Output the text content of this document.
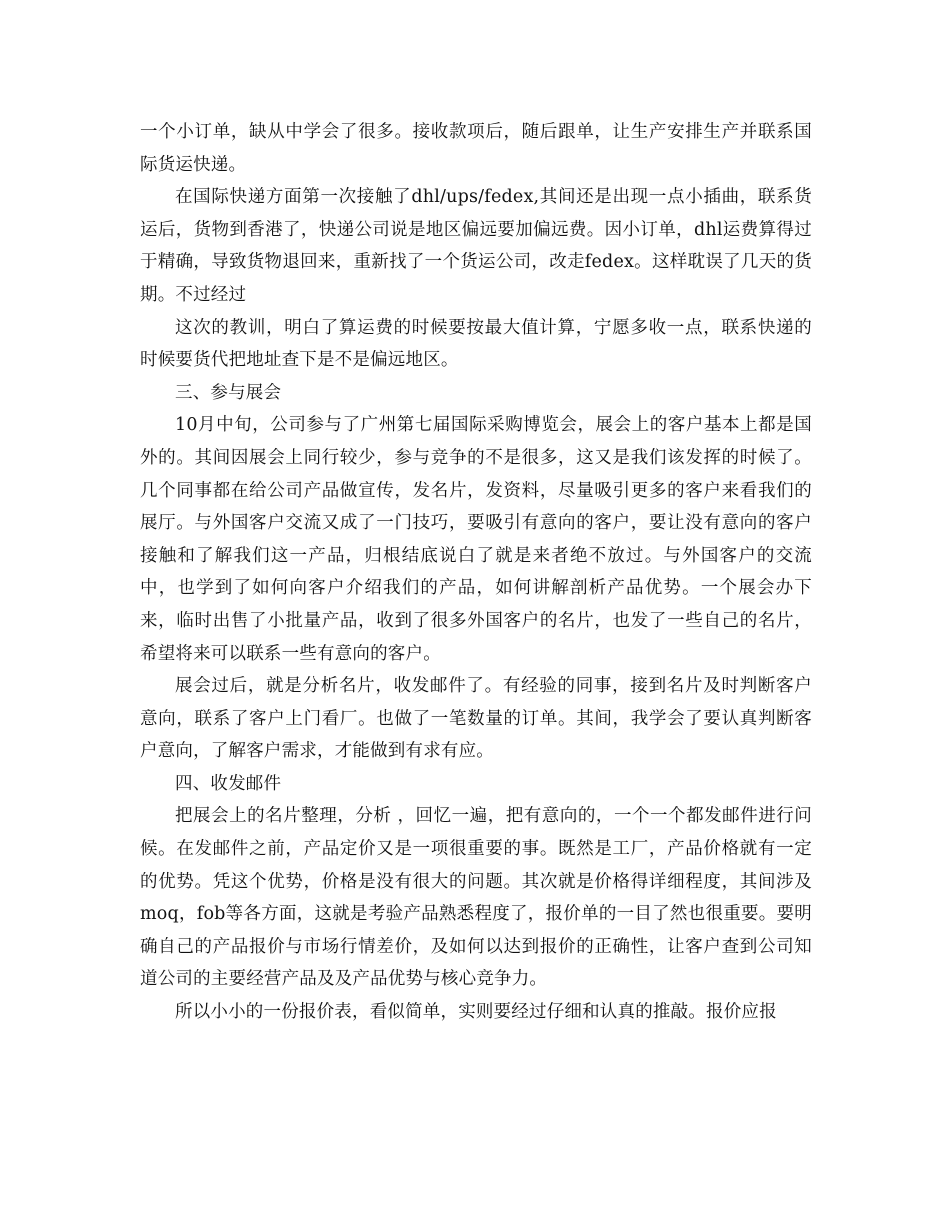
一个小订单，缺从中学会了很多。接收款项后，随后跟单，让生产安排生产并联系国际货运快递。

在国际快递方面第一次接触了dhl/ups/fedex,其间还是出现一点小插曲，联系货运后，货物到香港了，快递公司说是地区偏远要加偏远费。因小订单，dhl运费算得过于精确，导致货物退回来，重新找了一个货运公司，改走fedex。这样耽误了几天的货期。不过经过

这次的教训，明白了算运费的时候要按最大值计算，宁愿多收一点，联系快递的时候要货代把地址查下是不是偏远地区。

三、参与展会

10月中旬，公司参与了广州第七届国际采购博览会，展会上的客户基本上都是国外的。其间因展会上同行较少，参与竞争的不是很多，这又是我们该发挥的时候了。几个同事都在给公司产品做宣传，发名片，发资料，尽量吸引更多的客户来看我们的展厅。与外国客户交流又成了一门技巧，要吸引有意向的客户，要让没有意向的客户接触和了解我们这一产品，归根结底说白了就是来者绝不放过。与外国客户的交流中，也学到了如何向客户介绍我们的产品，如何讲解剖析产品优势。一个展会办下来，临时出售了小批量产品，收到了很多外国客户的名片，也发了一些自己的名片，希望将来可以联系一些有意向的客户。

展会过后，就是分析名片，收发邮件了。有经验的同事，接到名片及时判断客户意向，联系了客户上门看厂。也做了一笔数量的订单。其间，我学会了要认真判断客户意向，了解客户需求，才能做到有求有应。

四、收发邮件

把展会上的名片整理，分析 ，回忆一遍，把有意向的，一个一个都发邮件进行问候。在发邮件之前，产品定价又是一项很重要的事。既然是工厂，产品价格就有一定的优势。凭这个优势，价格是没有很大的问题。其次就是价格得详细程度，其间涉及moq，fob等各方面，这就是考验产品熟悉程度了，报价单的一目了然也很重要。要明确自己的产品报价与市场行情差价，及如何以达到报价的正确性，让客户查到公司知道公司的主要经营产品及及产品优势与核心竞争力。

所以小小的一份报价表，看似简单，实则要经过仔细和认真的推敲。报价应报
